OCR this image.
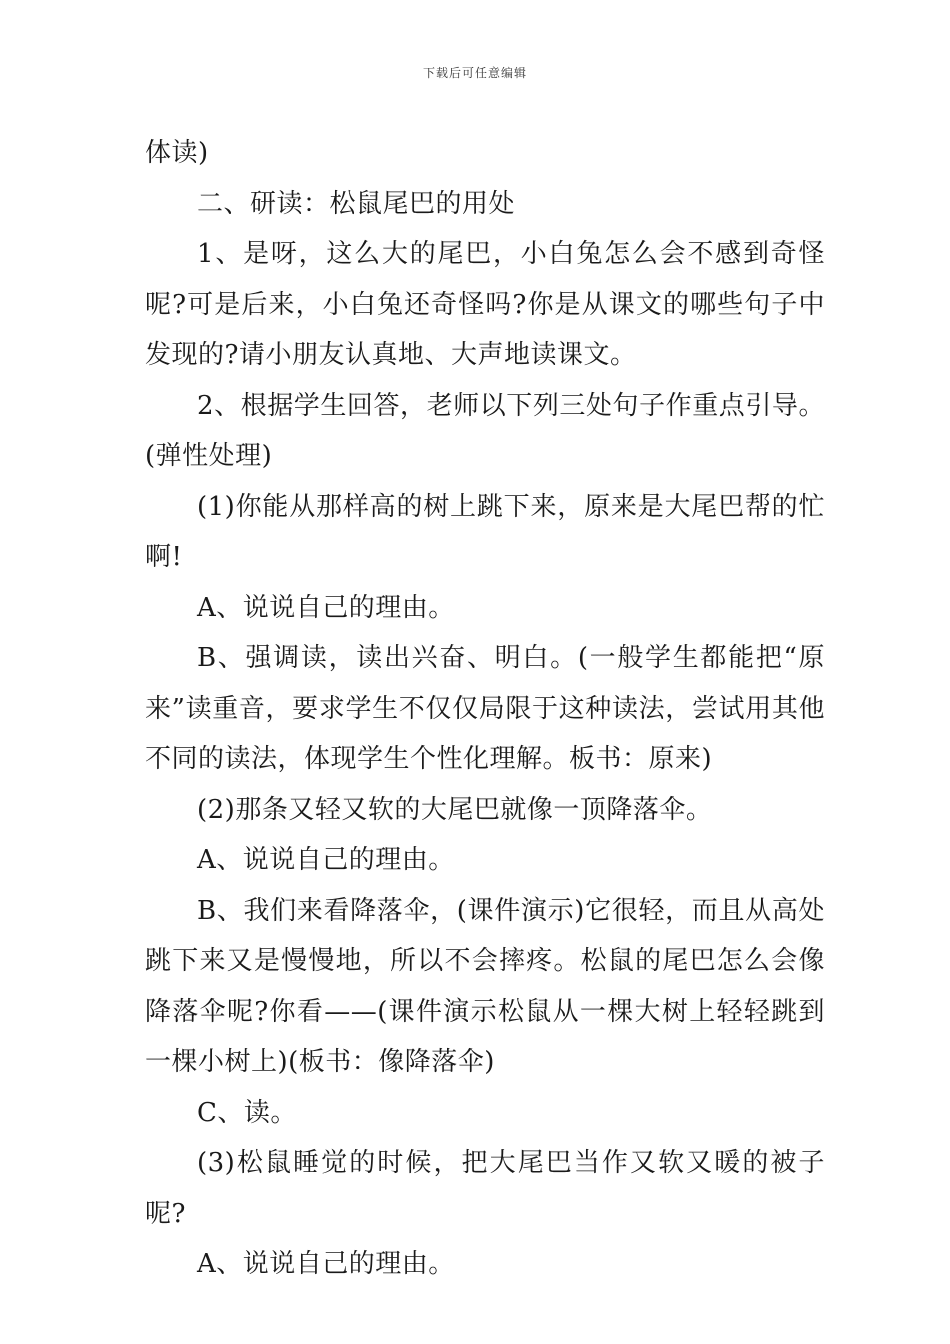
下载后可任意编辑

体读)

二、研读：松鼠尾巴的用处

1、是呀，这么大的尾巴，小白兔怎么会不感到奇怪呢?可是后来，小白兔还奇怪吗?你是从课文的哪些句子中发现的?请小朋友认真地、大声地读课文。

2、根据学生回答，老师以下列三处句子作重点引导。(弹性处理)

(1)你能从那样高的树上跳下来，原来是大尾巴帮的忙啊!

A、说说自己的理由。

B、强调读，读出兴奋、明白。(一般学生都能把“原来”读重音，要求学生不仅仅局限于这种读法，尝试用其他不同的读法，体现学生个性化理解。板书：原来)

(2)那条又轻又软的大尾巴就像一顶降落伞。

A、说说自己的理由。

B、我们来看降落伞，(课件演示)它很轻，而且从高处跳下来又是慢慢地，所以不会摔疼。松鼠的尾巴怎么会像降落伞呢?你看——(课件演示松鼠从一棵大树上轻轻跳到一棵小树上)(板书：像降落伞)

C、读。

(3)松鼠睡觉的时候，把大尾巴当作又软又暖的被子呢?

A、说说自己的理由。
